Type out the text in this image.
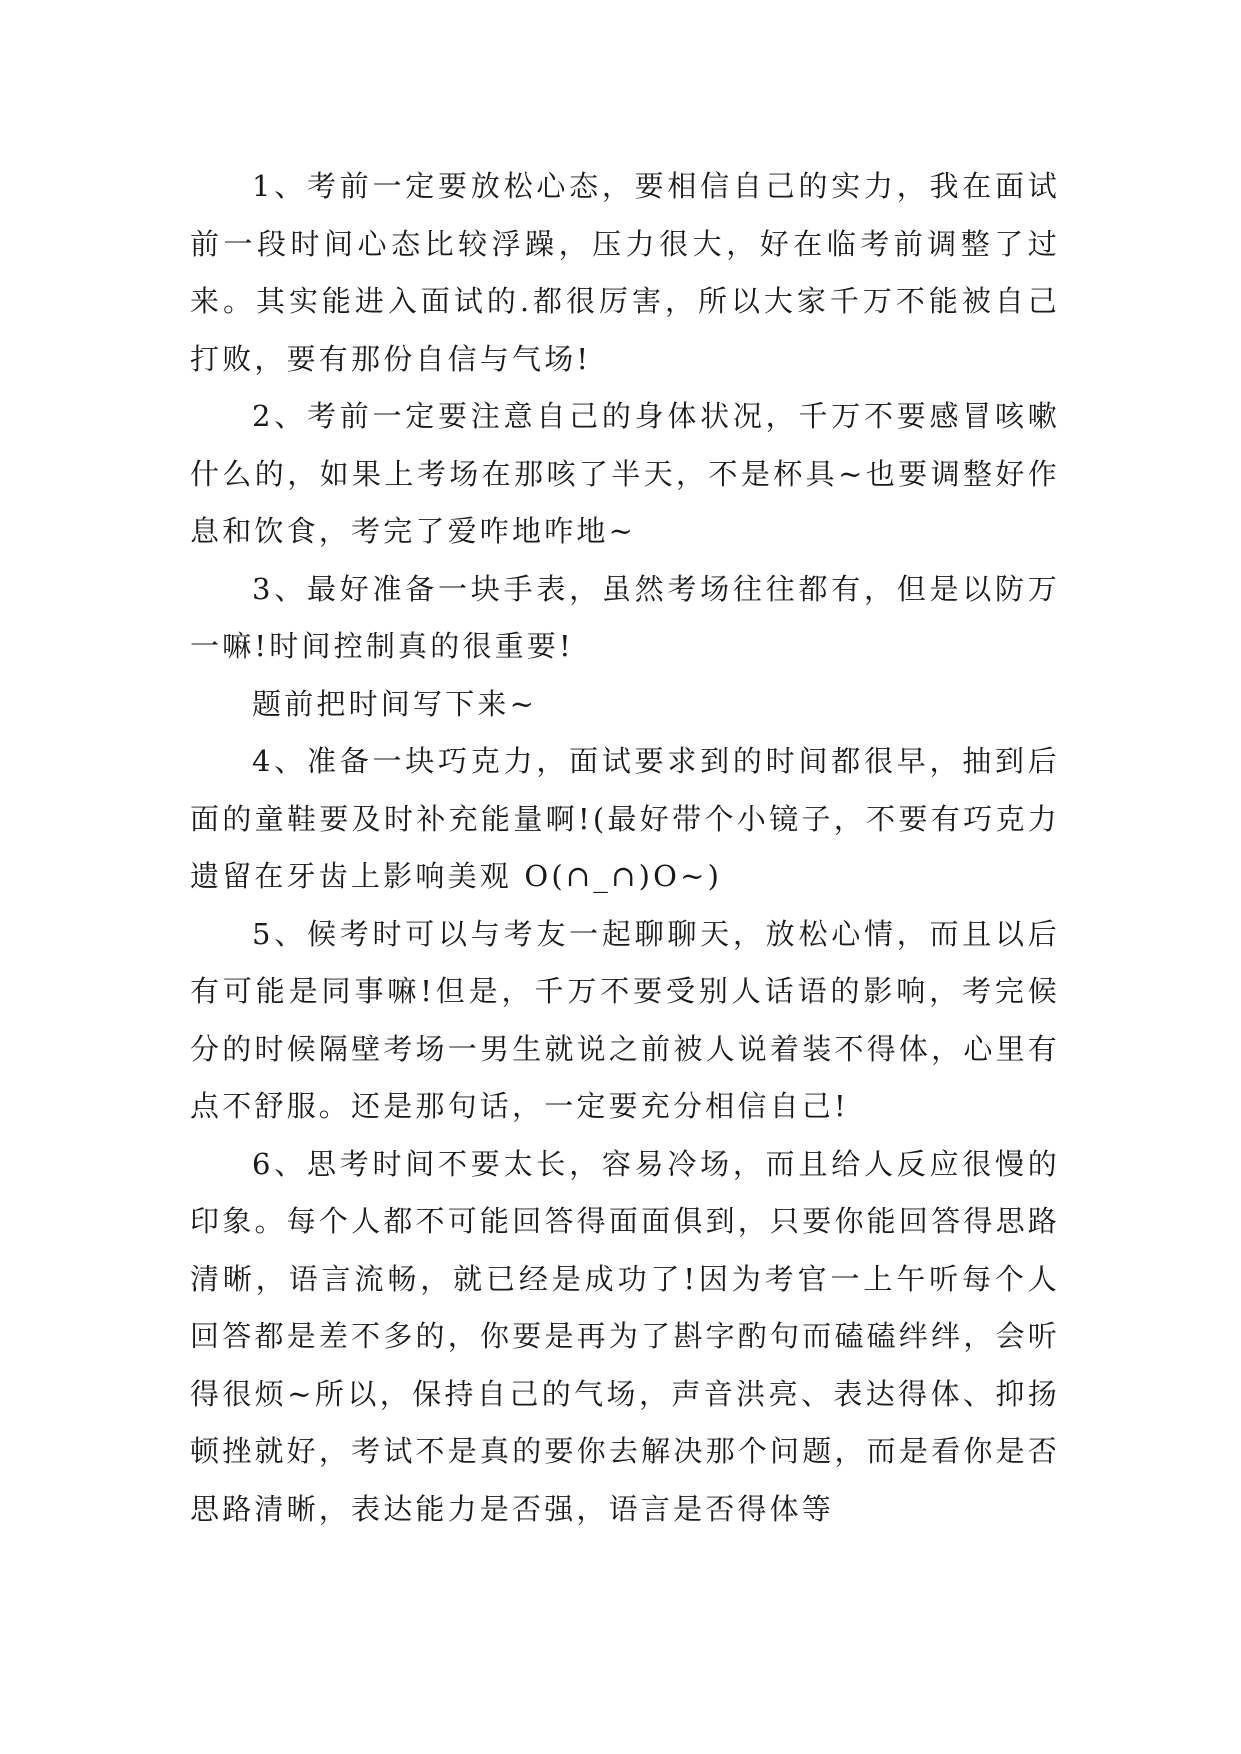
1、考前一定要放松心态，要相信自己的实力，我在面试前一段时间心态比较浮躁，压力很大，好在临考前调整了过来。其实能进入面试的.都很厉害，所以大家千万不能被自己打败，要有那份自信与气场!

2、考前一定要注意自己的身体状况，千万不要感冒咳嗽什么的，如果上考场在那咳了半天，不是杯具~也要调整好作息和饮食，考完了爱咋地咋地~

3、最好准备一块手表，虽然考场往往都有，但是以防万一嘛!时间控制真的很重要!

题前把时间写下来~

4、准备一块巧克力，面试要求到的时间都很早，抽到后面的童鞋要及时补充能量啊!(最好带个小镜子，不要有巧克力遗留在牙齿上影响美观 O(∩_∩)O~)

5、候考时可以与考友一起聊聊天，放松心情，而且以后有可能是同事嘛!但是，千万不要受别人话语的影响，考完候分的时候隔壁考场一男生就说之前被人说着装不得体，心里有点不舒服。还是那句话，一定要充分相信自己!

6、思考时间不要太长，容易冷场，而且给人反应很慢的印象。每个人都不可能回答得面面俱到，只要你能回答得思路清晰，语言流畅，就已经是成功了!因为考官一上午听每个人回答都是差不多的，你要是再为了斟字酌句而磕磕绊绊，会听得很烦~所以，保持自己的气场，声音洪亮、表达得体、抑扬顿挫就好，考试不是真的要你去解决那个问题，而是看你是否思路清晰，表达能力是否强，语言是否得体等
